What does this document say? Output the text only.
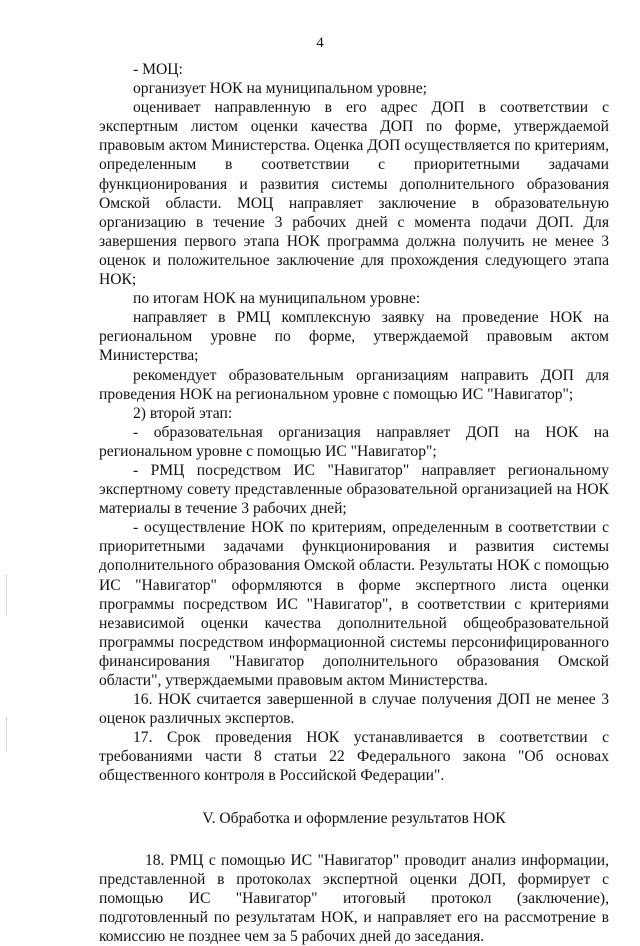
4

- МОЦ:

организует НОК на муниципальном уровне;

оценивает направленную в его адрес ДОП в соответствии с экспертным листом оценки качества ДОП по форме, утверждаемой правовым актом Министерства. Оценка ДОП осуществляется по критериям, определенным в соответствии с приоритетными задачами функционирования и развития системы дополнительного образования Омской области. МОЦ направляет заключение в образовательную организацию в течение 3 рабочих дней с момента подачи ДОП. Для завершения первого этапа НОК программа должна получить не менее 3 оценок и положительное заключение для прохождения следующего этапа НОК;

по итогам НОК на муниципальном уровне:

направляет в РМЦ комплексную заявку на проведение НОК на региональном уровне по форме, утверждаемой правовым актом Министерства;

рекомендует образовательным организациям направить ДОП для проведения НОК на региональном уровне с помощью ИС "Навигатор";

2) второй этап:

- образовательная организация направляет ДОП на НОК на региональном уровне с помощью ИС "Навигатор";

- РМЦ посредством ИС "Навигатор" направляет региональному экспертному совету представленные образовательной организацией на НОК материалы в течение 3 рабочих дней;

- осуществление НОК по критериям, определенным в соответствии с приоритетными задачами функционирования и развития системы дополнительного образования Омской области. Результаты НОК с помощью ИС "Навигатор" оформляются в форме экспертного листа оценки программы посредством ИС "Навигатор", в соответствии с критериями независимой оценки качества дополнительной общеобразовательной программы посредством информационной системы персонифицированного финансирования "Навигатор дополнительного образования Омской области", утверждаемыми правовым актом Министерства.

16. НОК считается завершенной в случае получения ДОП не менее 3 оценок различных экспертов.

17. Срок проведения НОК устанавливается в соответствии с требованиями части 8 статьи 22 Федерального закона "Об основах общественного контроля в Российской Федерации".

V. Обработка и оформление результатов НОК

18. РМЦ с помощью ИС "Навигатор" проводит анализ информации, представленной в протоколах экспертной оценки ДОП, формирует с помощью ИС "Навигатор" итоговый протокол (заключение), подготовленный по результатам НОК, и направляет его на рассмотрение в комиссию не позднее чем за 5 рабочих дней до заседания.
